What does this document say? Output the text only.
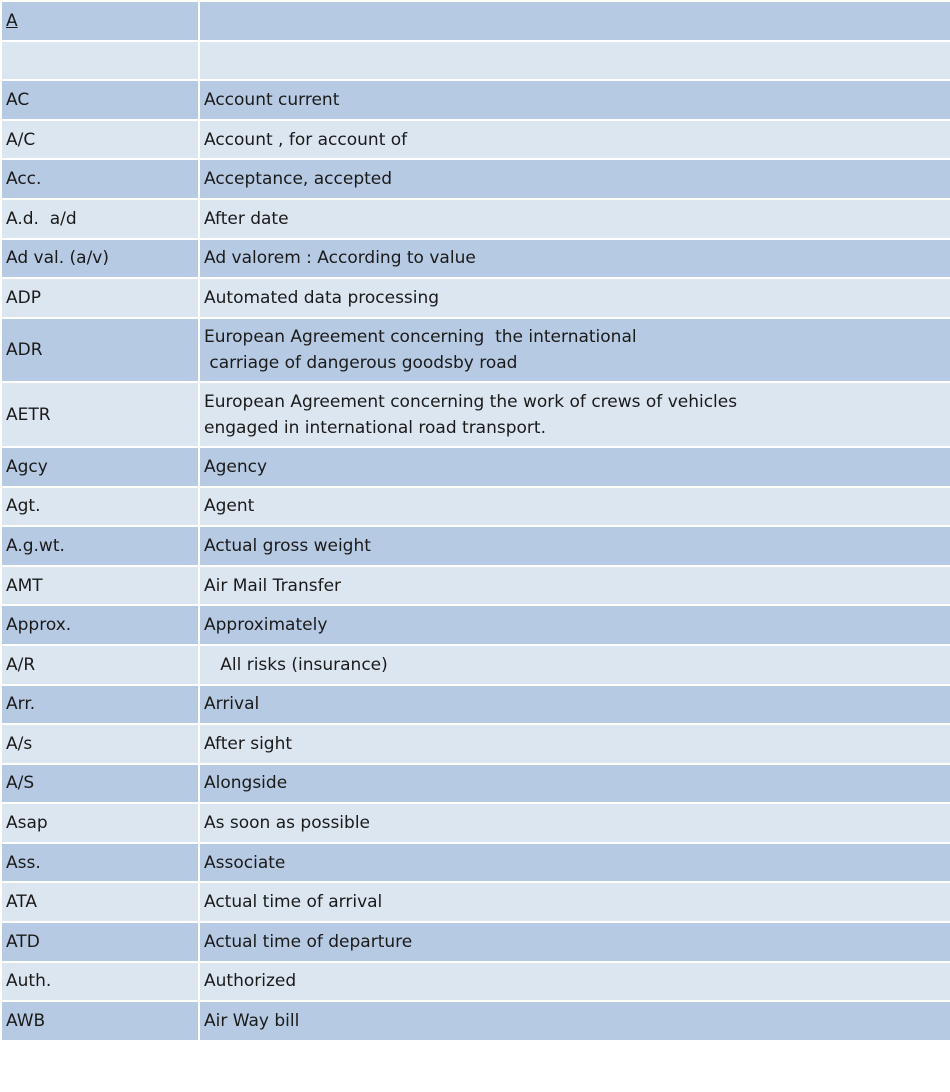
A	

AC	Account current
A/C	Account , for account of
Acc.	Acceptance, accepted
A.d.  a/d	After date
Ad val. (a/v)	Ad valorem : According to value
ADP	Automated data processing
ADR	European Agreement concerning  the international
carriage of dangerous goodsby road
AETR	European Agreement concerning the work of crews of vehicles
engaged in international road transport.
Agcy	Agency
Agt.	Agent
A.g.wt.	Actual gross weight
AMT	Air Mail Transfer
Approx.	Approximately
A/R	All risks (insurance)
Arr.	Arrival
A/s	After sight
A/S	Alongside
Asap	As soon as possible
Ass.	Associate
ATA	Actual time of arrival
ATD	Actual time of departure
Auth.	Authorized
AWB	Air Way bill
